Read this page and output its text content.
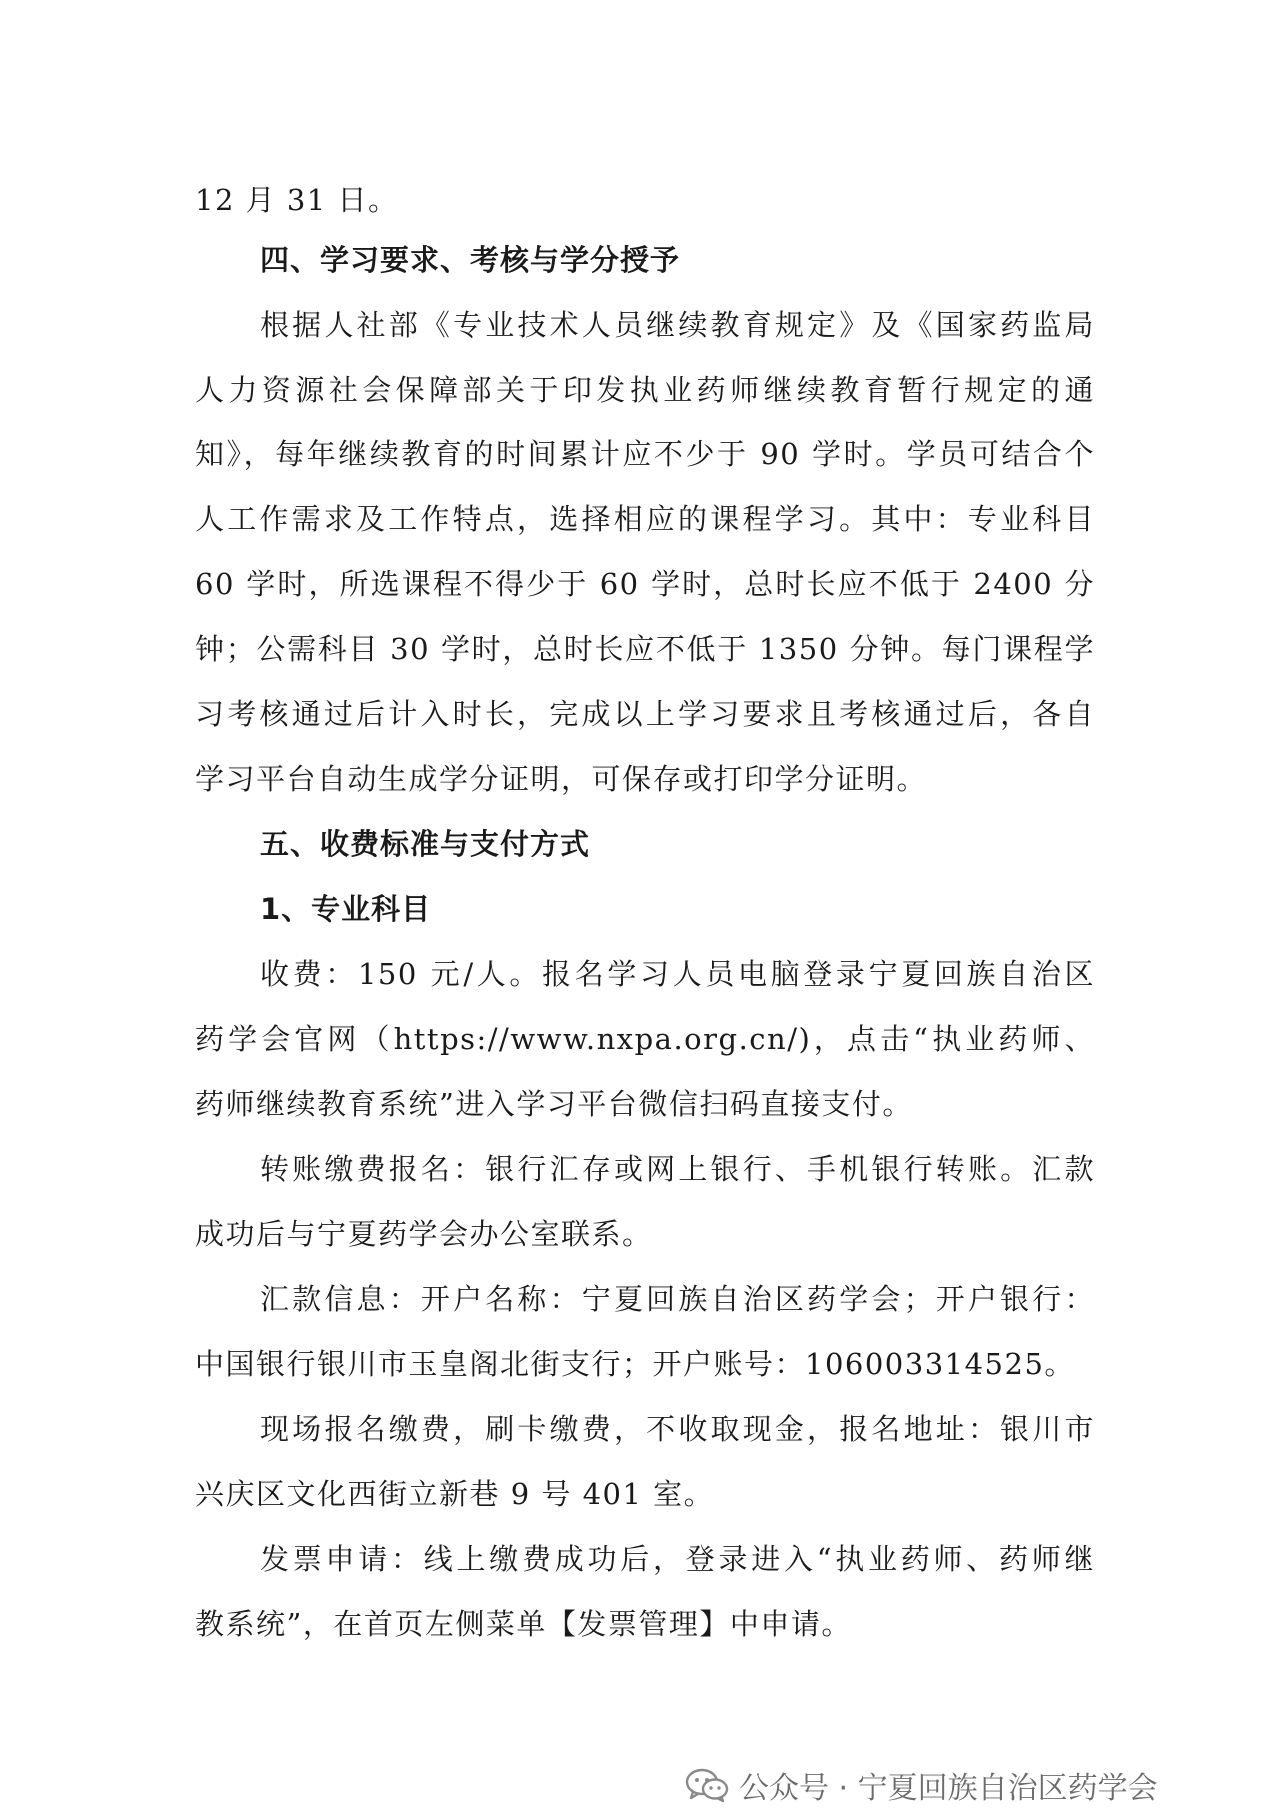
12 月 31 日。
四、学习要求、考核与学分授予
根据人社部《专业技术人员继续教育规定》及《国家药监局
人力资源社会保障部关于印发执业药师继续教育暂行规定的通
知》，每年继续教育的时间累计应不少于 90 学时。学员可结合个
人工作需求及工作特点，选择相应的课程学习。其中：专业科目
60 学时，所选课程不得少于 60 学时，总时长应不低于 2400 分
钟；公需科目 30 学时，总时长应不低于 1350 分钟。每门课程学
习考核通过后计入时长，完成以上学习要求且考核通过后，各自
学习平台自动生成学分证明，可保存或打印学分证明。
五、收费标准与支付方式
1、专业科目
收费：150 元/人。报名学习人员电脑登录宁夏回族自治区
药学会官网（https://www.nxpa.org.cn/)，点击“执业药师、
药师继续教育系统”进入学习平台微信扫码直接支付。
转账缴费报名：银行汇存或网上银行、手机银行转账。汇款
成功后与宁夏药学会办公室联系。
汇款信息：开户名称：宁夏回族自治区药学会；开户银行：
中国银行银川市玉皇阁北街支行；开户账号：106003314525。
现场报名缴费，刷卡缴费，不收取现金，报名地址：银川市
兴庆区文化西街立新巷 9 号 401 室。
发票申请：线上缴费成功后，登录进入“执业药师、药师继
教系统”，在首页左侧菜单【发票管理】中申请。
公众号 · 宁夏回族自治区药学会
